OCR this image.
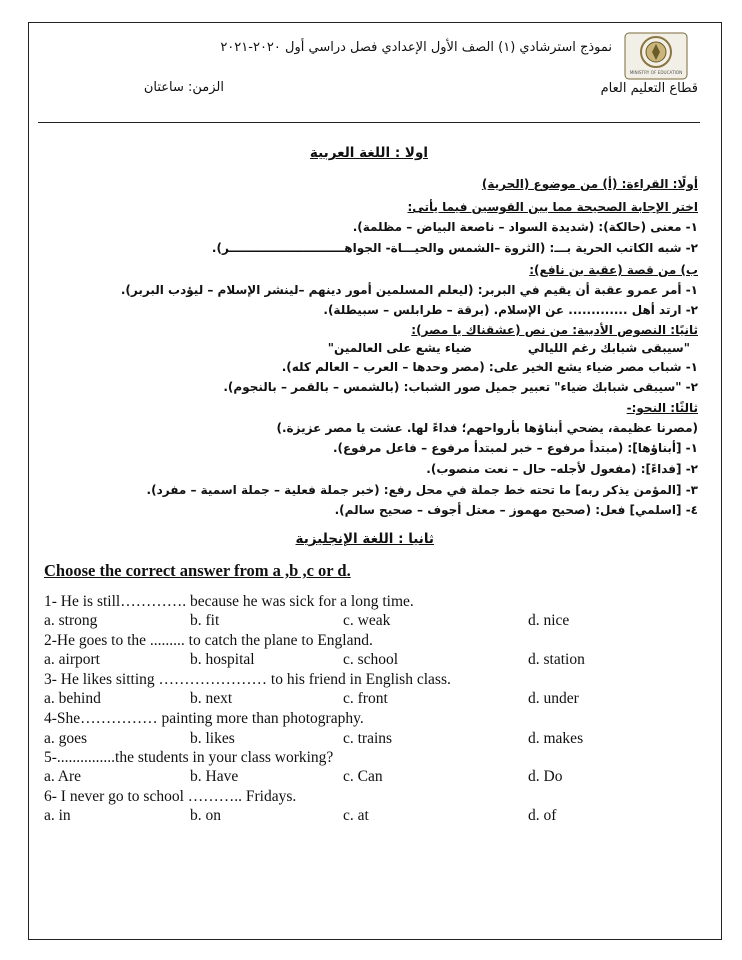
MINISTRY OF EDUCATION
نموذج استرشادي (١) الصف الأول الإعدادي فصل دراسي أول ٢٠٢٠-٢٠٢١
قطاع التعليم العام
الزمن: ساعتان
اولا : اللغة العربية
أولًا: القراءة: (أ) من موضوع (الحرية)
اختر الإجابة الصحيحة مما بين القوسين فيما يأتى:
١- معنى (حالكة): (شديدة السواد – ناصعة البياض – مظلمة).
٢- شبه الكاتب الحرية بـــ: (الثروة –الشمس والحيـــاة- الجواهــــــــــــــــــــــــــــر).
ب) من قصة (عقبة بن نافع):
١- أمر عمرو عقبة أن يقيم في البربر: (ليعلم المسلمين أمور دينهم –لينشر الإسلام – ليؤدب البربر).
٢- ارتد أهل ............. عن الإسلام. (برقة – طرابلس – سبيطلة).
ثانيًا: النصوص الأدبية: من نص (عشقناك يا مصر):
"سيبقى شبابك رغم الليالي
ضياء يشع على العالمين"
١- شباب مصر ضياء يشع الخير على: (مصر وحدها – العرب – العالم كله).
٢- "سيبقى شبابك ضياء" تعبير جميل صور الشباب: (بالشمس – بالقمر – بالنجوم).
ثالثًا: النحو:-
(مصرنا عظيمة، يضحي أبناؤها بأرواحهم؛ فداءً لها. عشت يا مصر عزيزة.)
١- [أبناؤها]: (مبتدأ مرفوع – خبر لمبتدأ مرفوع – فاعل مرفوع).
٢- [فداءً]: (مفعول لأجله– حال – نعت منصوب).
٣- [المؤمن يذكر ربه] ما تحته خط جملة في محل رفع: (خبر جملة فعلية – جملة اسمية – مفرد).
٤- [اسلمي] فعل: (صحيح مهموز – معتل أجوف – صحيح سالم).
ثانيا : اللغة الإنجليزية
Choose the correct answer from a ,b ,c or d.
1- He is still…………. because he was sick for a long time.
a. strong	b. fit	c. weak	d. nice
2-He goes to the ......... to catch the plane to England.
a. airport	b. hospital	c. school	d. station
3- He likes sitting ………………… to his friend in English class.
a. behind	b. next	c. front	d. under
4-She…………… painting more than photography.
a. goes	b. likes	c. trains	d. makes
5-...............the students in your class working?
a. Are	b. Have	c. Can	d. Do
6- I never go to school ……….. Fridays.
a. in	b. on	c. at	d. of
